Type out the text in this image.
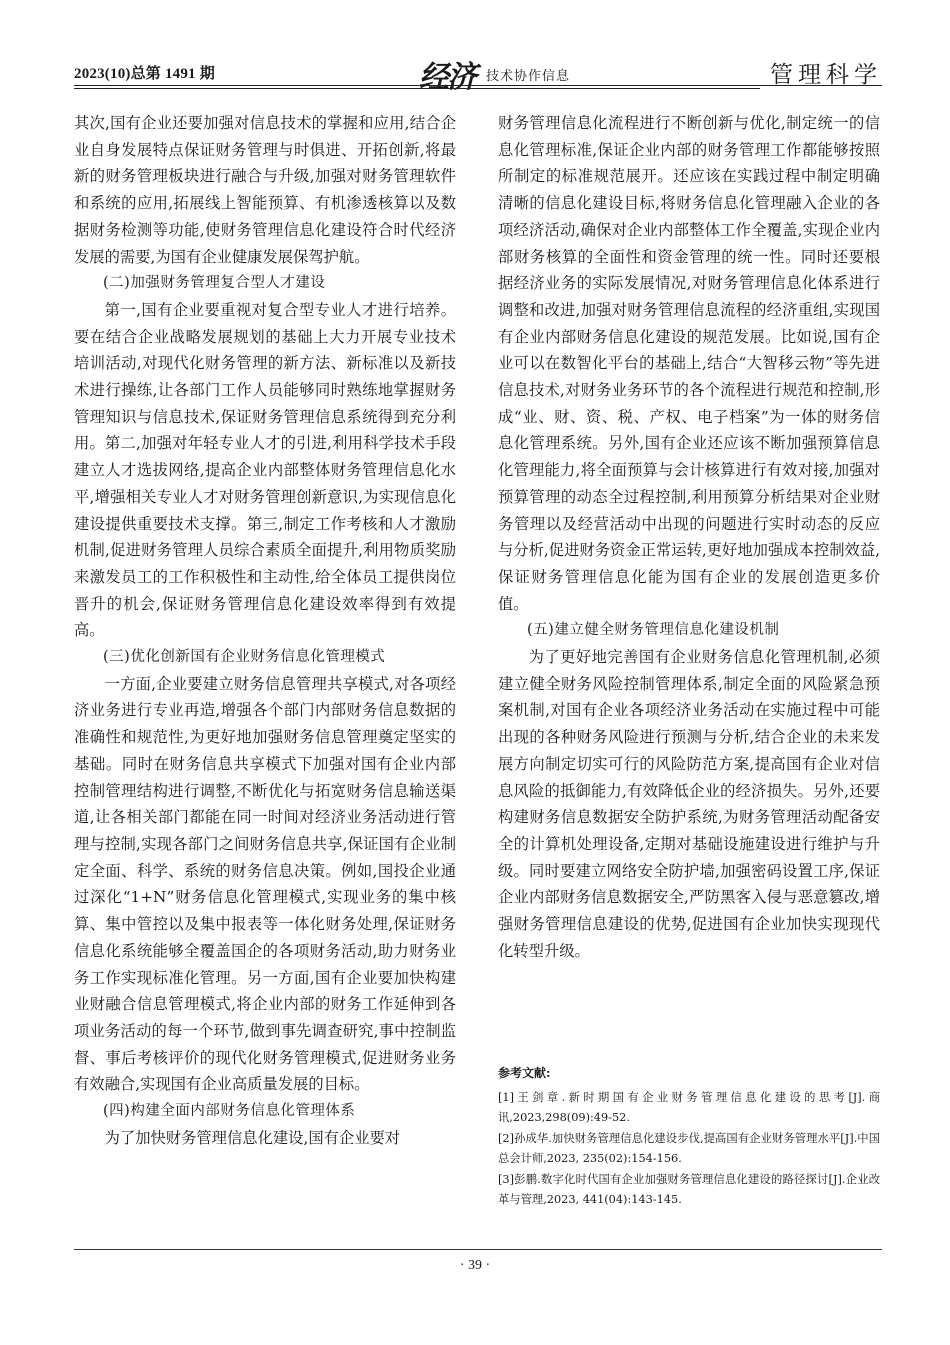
2023(10)总第 1491 期	经济 技术协作信息	管理科学

其次,国有企业还要加强对信息技术的掌握和应用,结合企业自身发展特点保证财务管理与时俱进、开拓创新,将最新的财务管理板块进行融合与升级,加强对财务管理软件和系统的应用,拓展线上智能预算、有机渗透核算以及数据财务检测等功能,使财务管理信息化建设符合时代经济发展的需要,为国有企业健康发展保驾护航。

(二)加强财务管理复合型人才建设

第一,国有企业要重视对复合型专业人才进行培养。要在结合企业战略发展规划的基础上大力开展专业技术培训活动,对现代化财务管理的新方法、新标准以及新技术进行操练,让各部门工作人员能够同时熟练地掌握财务管理知识与信息技术,保证财务管理信息系统得到充分利用。第二,加强对年轻专业人才的引进,利用科学技术手段建立人才选拔网络,提高企业内部整体财务管理信息化水平,增强相关专业人才对财务管理创新意识,为实现信息化建设提供重要技术支撑。第三,制定工作考核和人才激励机制,促进财务管理人员综合素质全面提升,利用物质奖励来激发员工的工作积极性和主动性,给全体员工提供岗位晋升的机会,保证财务管理信息化建设效率得到有效提高。

(三)优化创新国有企业财务信息化管理模式

一方面,企业要建立财务信息管理共享模式,对各项经济业务进行专业再造,增强各个部门内部财务信息数据的准确性和规范性,为更好地加强财务信息管理奠定坚实的基础。同时在财务信息共享模式下加强对国有企业内部控制管理结构进行调整,不断优化与拓宽财务信息输送渠道,让各相关部门都能在同一时间对经济业务活动进行管理与控制,实现各部门之间财务信息共享,保证国有企业制定全面、科学、系统的财务信息决策。例如,国投企业通过深化“1+N”财务信息化管理模式,实现业务的集中核算、集中管控以及集中报表等一体化财务处理,保证财务信息化系统能够全覆盖国企的各项财务活动,助力财务业务工作实现标准化管理。另一方面,国有企业要加快构建业财融合信息管理模式,将企业内部的财务工作延伸到各项业务活动的每一个环节,做到事先调查研究,事中控制监督、事后考核评价的现代化财务管理模式,促进财务业务有效融合,实现国有企业高质量发展的目标。

(四)构建全面内部财务信息化管理体系

为了加快财务管理信息化建设,国有企业要对

财务管理信息化流程进行不断创新与优化,制定统一的信息化管理标准,保证企业内部的财务管理工作都能够按照所制定的标准规范展开。还应该在实践过程中制定明确清晰的信息化建设目标,将财务信息化管理融入企业的各项经济活动,确保对企业内部整体工作全覆盖,实现企业内部财务核算的全面性和资金管理的统一性。同时还要根据经济业务的实际发展情况,对财务管理信息化体系进行调整和改进,加强对财务管理信息流程的经济重组,实现国有企业内部财务信息化建设的规范发展。比如说,国有企业可以在数智化平台的基础上,结合“大智移云物”等先进信息技术,对财务业务环节的各个流程进行规范和控制,形成“业、财、资、税、产权、电子档案”为一体的财务信息化管理系统。另外,国有企业还应该不断加强预算信息化管理能力,将全面预算与会计核算进行有效对接,加强对预算管理的动态全过程控制,利用预算分析结果对企业财务管理以及经营活动中出现的问题进行实时动态的反应与分析,促进财务资金正常运转,更好地加强成本控制效益,保证财务管理信息化能为国有企业的发展创造更多价值。

(五)建立健全财务管理信息化建设机制

为了更好地完善国有企业财务信息化管理机制,必须建立健全财务风险控制管理体系,制定全面的风险紧急预案机制,对国有企业各项经济业务活动在实施过程中可能出现的各种财务风险进行预测与分析,结合企业的未来发展方向制定切实可行的风险防范方案,提高国有企业对信息风险的抵御能力,有效降低企业的经济损失。另外,还要构建财务信息数据安全防护系统,为财务管理活动配备安全的计算机处理设备,定期对基础设施建设进行维护与升级。同时要建立网络安全防护墙,加强密码设置工序,保证企业内部财务信息数据安全,严防黑客入侵与恶意篡改,增强财务管理信息建设的优势,促进国有企业加快实现现代化转型升级。

参考文献:

[1]王剑章.新时期国有企业财务管理信息化建设的思考[J].商讯,2023,298(09):49-52.

[2]孙成华.加快财务管理信息化建设步伐,提高国有企业财务管理水平[J].中国总会计师,2023, 235(02):154-156.

[3]彭鹏.数字化时代国有企业加强财务管理信息化建设的路径探讨[J].企业改革与管理,2023, 441(04):143-145.

· 39 ·
